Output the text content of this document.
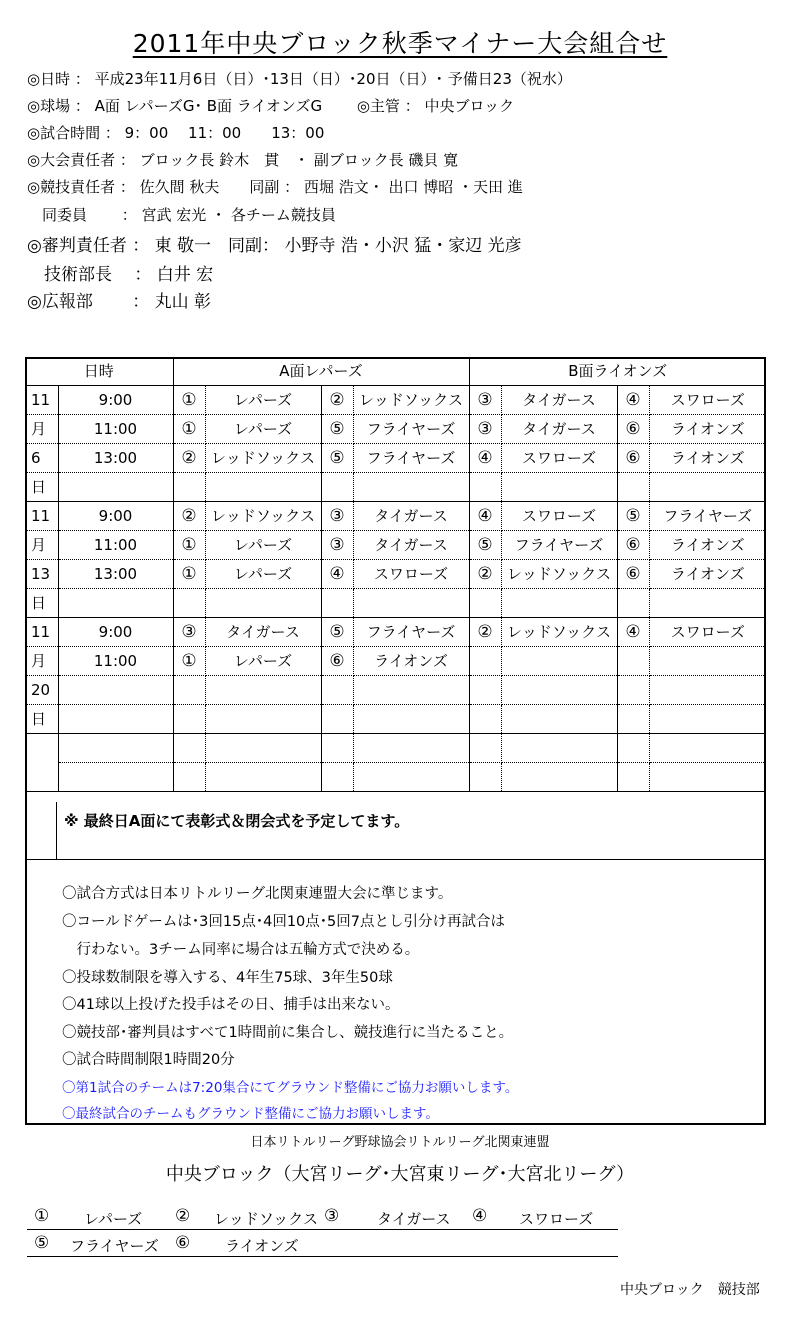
2011年中央ブロック秋季マイナー大会組合せ
◎日時 ： 平成23年11月6日（日）･13日（日）･20日（日）･ 予備日23（祝水）
◎球場 ： A面 レパーズG･ B面 ライオンズG 　　◎主管 ： 中央ブロック
◎試合時間 ： 9：00　 11：00　　13：00
◎大会責任者 ： ブロック長 鈴木　貫　・ 副ブロック長 磯貝 寛
◎競技責任者 ： 佐久間 秋夫　　同副 ： 西堀 浩文・ 出口 博昭 ・天田 進
　同委員　　 ： 宮武 宏光 ・ 各チーム競技員
◎審判責任者 ： 東 敬一　同副： 小野寺 浩・小沢 猛・家辺 光彦
　技術部長　 ： 白井 宏
◎広報部　　 ： 丸山 彰
日時		A面レパーズ				B面ライオンズ			
11	9:00	①	レパーズ	②	レッドソックス	③	タイガース	④	スワローズ
月	11:00	①	レパーズ	⑤	フライヤーズ	③	タイガース	⑥	ライオンズ
6	13:00	②	レッドソックス	⑤	フライヤーズ	④	スワローズ	⑥	ライオンズ
日									
11	9:00	②	レッドソックス	③	タイガース	④	スワローズ	⑤	フライヤーズ
月	11:00	①	レパーズ	③	タイガース	⑤	フライヤーズ	⑥	ライオンズ
13	13:00	①	レパーズ	④	スワローズ	②	レッドソックス	⑥	ライオンズ
日									
11	9:00	③	タイガース	⑤	フライヤーズ	②	レッドソックス	④	スワローズ
月	11:00	①	レパーズ	⑥	ライオンズ				
20									
日									

※ 最終日A面にて表彰式＆閉会式を予定してます。
〇試合方式は日本リトルリーグ北関東連盟大会に準じます。
〇コールドゲームは･3回15点･4回10点･5回7点とし引分け再試合は
　行わない。3チーム同率に場合は五輪方式で決める。
〇投球数制限を導入する、4年生75球、3年生50球
〇41球以上投げた投手はその日、捕手は出来ない。
〇競技部･審判員はすべて1時間前に集合し、競技進行に当たること。
〇試合時間制限1時間20分
〇第1試合のチームは7:20集合にてグラウンド整備にご協力お願いします。
〇最終試合のチームもグラウンド整備にご協力お願いします。
日本リトルリーグ野球協会リトルリーグ北関東連盟
中央ブロック（大宮リーグ･大宮東リーグ･大宮北リーグ）
① レパーズ ② レッドソックス ③	タイガース ④ スワローズ
⑤ フライヤーズ ⑥ ライオンズ
中央ブロック　競技部
